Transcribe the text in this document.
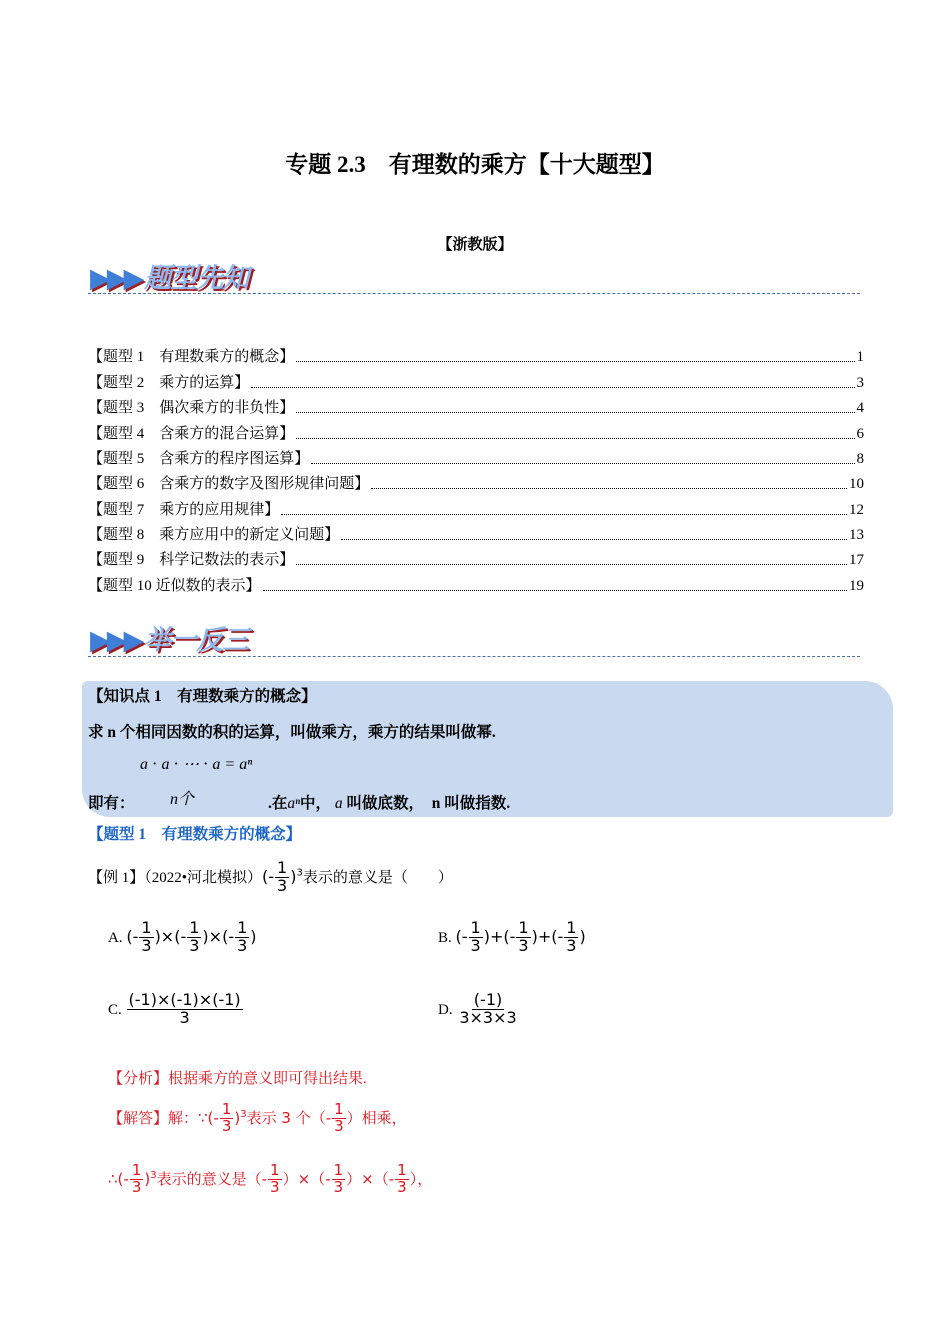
专题 2.3　有理数的乘方【十大题型】
【浙教版】
▶▶▶ 题型先知
【题型 1　有理数乘方的概念】	1
【题型 2　乘方的运算】	3
【题型 3　偶次乘方的非负性】	4
【题型 4　含乘方的混合运算】	6
【题型 5　含乘方的程序图运算】	8
【题型 6　含乘方的数字及图形规律问题】	10
【题型 7　乘方的应用规律】	12
【题型 8　乘方应用中的新定义问题】	13
【题型 9　科学记数法的表示】	17
【题型 10 近似数的表示】	19
▶▶▶ 举一反三
【知识点 1　有理数乘方的概念】
求 n 个相同因数的积的运算，叫做乘方，乘方的结果叫做幂.
a ⋅ a ⋅ ⋯ ⋅ a = aⁿ
即有： n个	.在aⁿ中， a 叫做底数，　n 叫做指数.
【题型 1　有理数乘方的概念】
【例 1】（2022•河北模拟）(- $\frac{1}{3} )^3$表示的意义是（　　）
A. (- $\frac{1}{3}$ )×(- $\frac{1}{3}$ )×(- $\frac{1}{3}$ )	B. (- $\frac{1}{3}$ )+(- $\frac{1}{3}$ )+(- $\frac{1}{3}$ )
C. $\frac{(-1)\times(-1)\times(-1)}{3}$	D. $\frac{(-1)}{3\times 3\times 3}$
【分析】根据乘方的意义即可得出结果.
【解答】解：∵(- $\frac{1}{3} )^3$表示 3 个（- $\frac{1}{3}$ ）相乘，
∴(- $\frac{1}{3} )^3$表示的意义是（- $\frac{1}{3}$ ）×（- $\frac{1}{3}$ ）×（- $\frac{1}{3}$ ），
